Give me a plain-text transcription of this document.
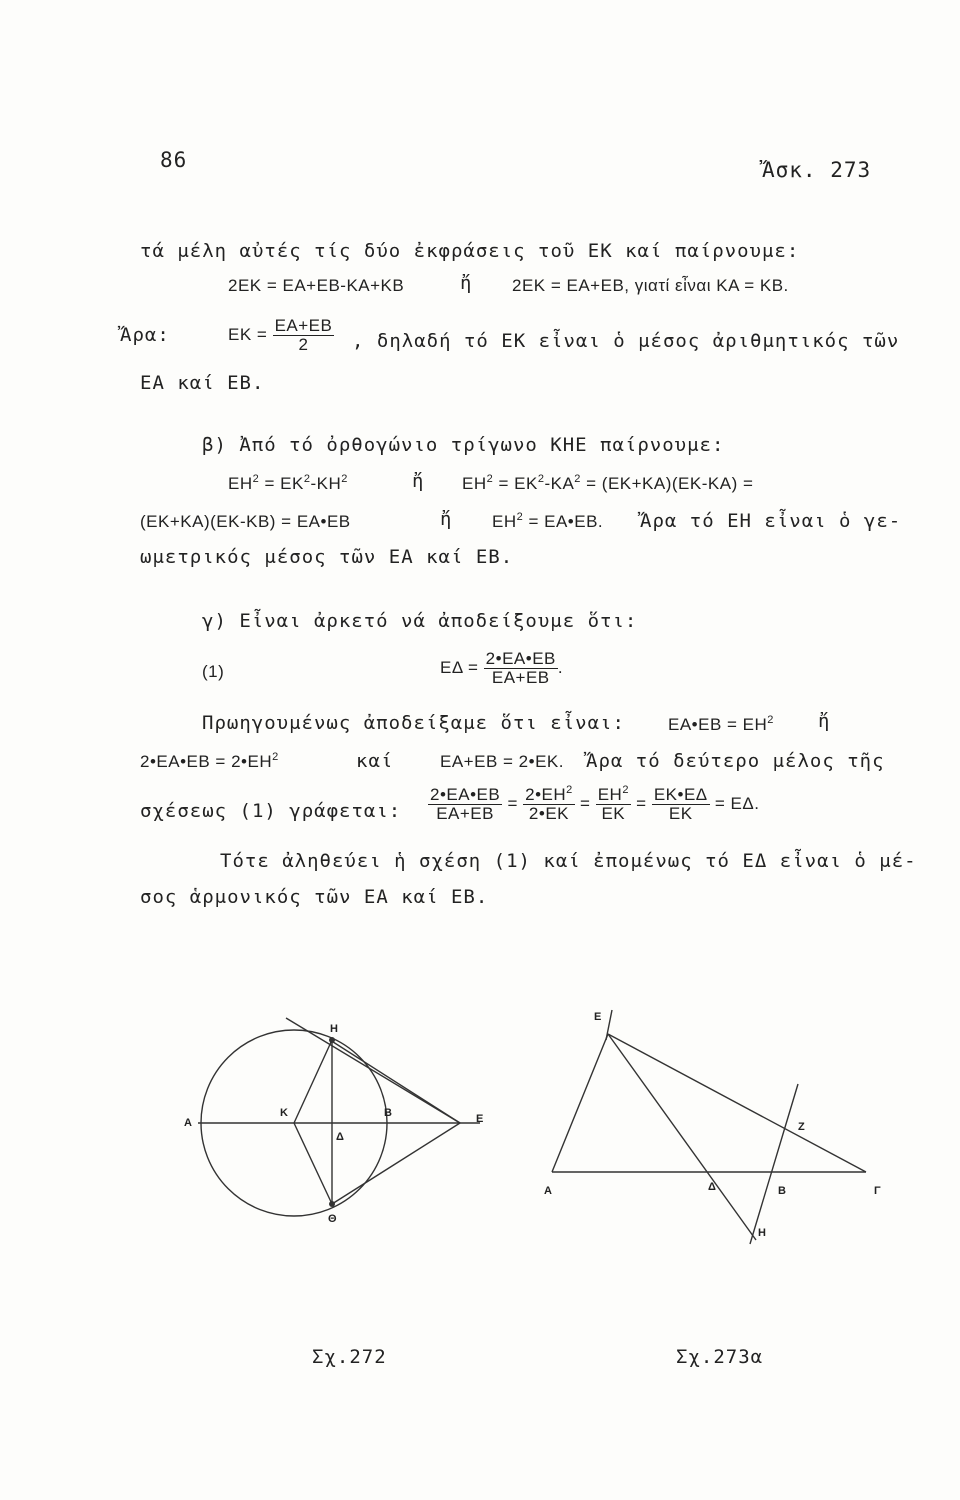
86	Ἄσκ. 273
τά μέλη αὐτές τίς δύο ἐκφράσεις τοῦ ΕΚ καί παίρνουμε:
2ΕΚ = ΕΑ+ΕΒ-ΚΑ+ΚΒ	ἤ 2ΕΚ = ΕΑ+ΕΒ, γιατί εἶναι ΚΑ = ΚΒ.
Ἄρα:	$EK = \frac{EA+EB}{2}$ , δηλαδή τό ΕΚ εἶναι ὁ μέσος ἀριθμητικός τῶν
ΕΑ καί ΕΒ.
β) Ἀπό τό ὀρθογώνιο τρίγωνο ΚΗΕ παίρνουμε:
$EH^2 = EK^2-KH^2$	ἤ $EH^2 = EK^2-KA^2 = (EK+KA)(EK-KA)$ =
(ΕΚ+ΚΑ)(ΕΚ-ΚΒ) = ΕΑ•ΕΒ	ἤ $EH^2$ = ΕΑ•ΕΒ. Ἄρα τό ΕΗ εἶναι ὁ γε-
ωμετρικός μέσος τῶν ΕΑ καί ΕΒ.
γ) Εἶναι ἀρκετό νά ἀποδείξουμε ὅτι:
(1)	$E\Delta = \frac{2•EA•EB}{EA+EB}$ .
Πρωηγουμένως ἀποδείξαμε ὅτι εἶναι:	ΕΑ•ΕΒ = $EH^2$ ἤ
2•ΕΑ•ΕΒ = $2•EH^2$	καί	ΕΑ+ΕΒ = 2•ΕΚ. Ἄρα τό δεύτερο μέλος τῆς
σχέσεως (1) γράφεται: $\frac{2•EA•EB}{EA+EB} = \frac{2•EH^2}{2•EK} = \frac{EH^2}{EK} = \frac{EK•E\Delta}{EK} = E\Delta$.
Τότε ἀληθεύει ἡ σχέση (1) καί ἐπομένως τό ΕΔ εἶναι ὁ μέ-
σος ἁρμονικός τῶν ΕΑ καί ΕΒ.
Α
Κ
Δ
Β	Ε
Η
Θ
Ε
Α	Δ	Β	Γ
Ζ
Η
Σχ.272	Σχ.273α
